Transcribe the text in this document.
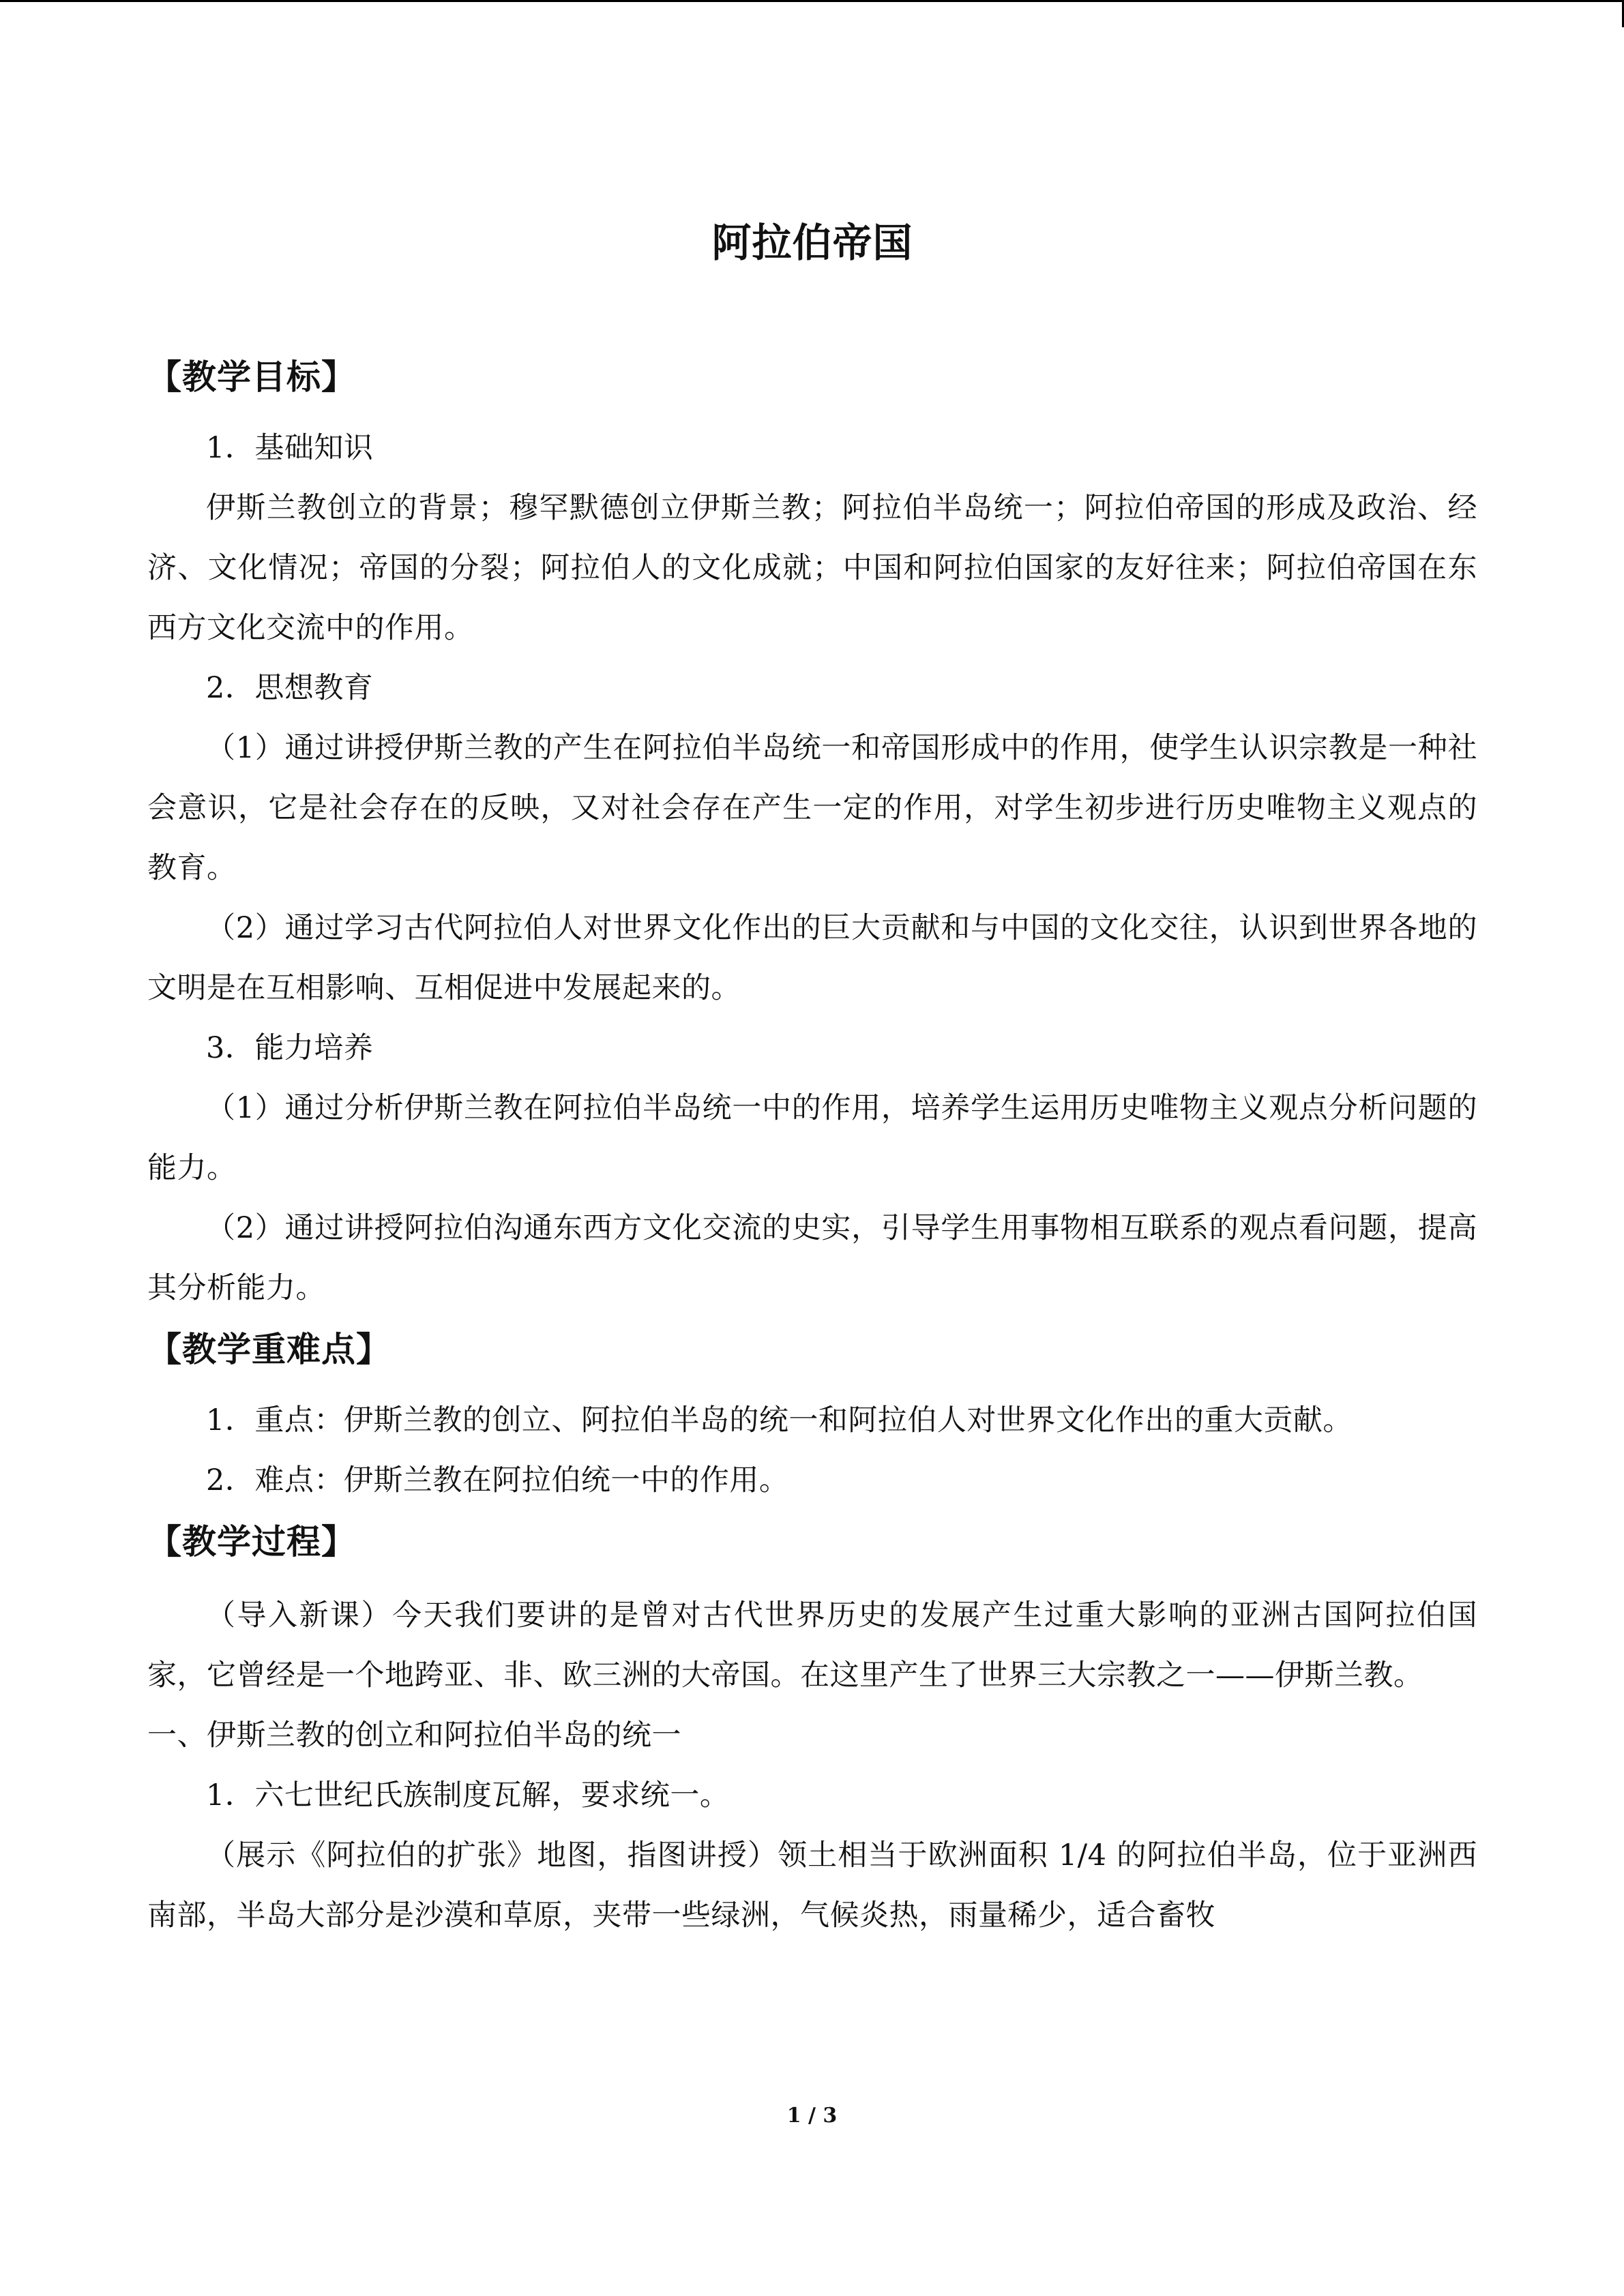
阿拉伯帝国
【教学目标】

1．基础知识

伊斯兰教创立的背景；穆罕默德创立伊斯兰教；阿拉伯半岛统一；阿拉伯帝国的形成及政治、经济、文化情况；帝国的分裂；阿拉伯人的文化成就；中国和阿拉伯国家的友好往来；阿拉伯帝国在东西方文化交流中的作用。

2．思想教育

（1）通过讲授伊斯兰教的产生在阿拉伯半岛统一和帝国形成中的作用，使学生认识宗教是一种社会意识，它是社会存在的反映，又对社会存在产生一定的作用，对学生初步进行历史唯物主义观点的教育。

（2）通过学习古代阿拉伯人对世界文化作出的巨大贡献和与中国的文化交往，认识到世界各地的文明是在互相影响、互相促进中发展起来的。

3．能力培养

（1）通过分析伊斯兰教在阿拉伯半岛统一中的作用，培养学生运用历史唯物主义观点分析问题的能力。

（2）通过讲授阿拉伯沟通东西方文化交流的史实，引导学生用事物相互联系的观点看问题，提高其分析能力。

【教学重难点】

1．重点：伊斯兰教的创立、阿拉伯半岛的统一和阿拉伯人对世界文化作出的重大贡献。

2．难点：伊斯兰教在阿拉伯统一中的作用。

【教学过程】

（导入新课）今天我们要讲的是曾对古代世界历史的发展产生过重大影响的亚洲古国阿拉伯国家，它曾经是一个地跨亚、非、欧三洲的大帝国。在这里产生了世界三大宗教之一——伊斯兰教。

一、伊斯兰教的创立和阿拉伯半岛的统一

1．六七世纪氏族制度瓦解，要求统一。

（展示《阿拉伯的扩张》地图，指图讲授）领土相当于欧洲面积 1/4 的阿拉伯半岛，位于亚洲西南部，半岛大部分是沙漠和草原，夹带一些绿洲，气候炎热，雨量稀少，适合畜牧

1 / 3
